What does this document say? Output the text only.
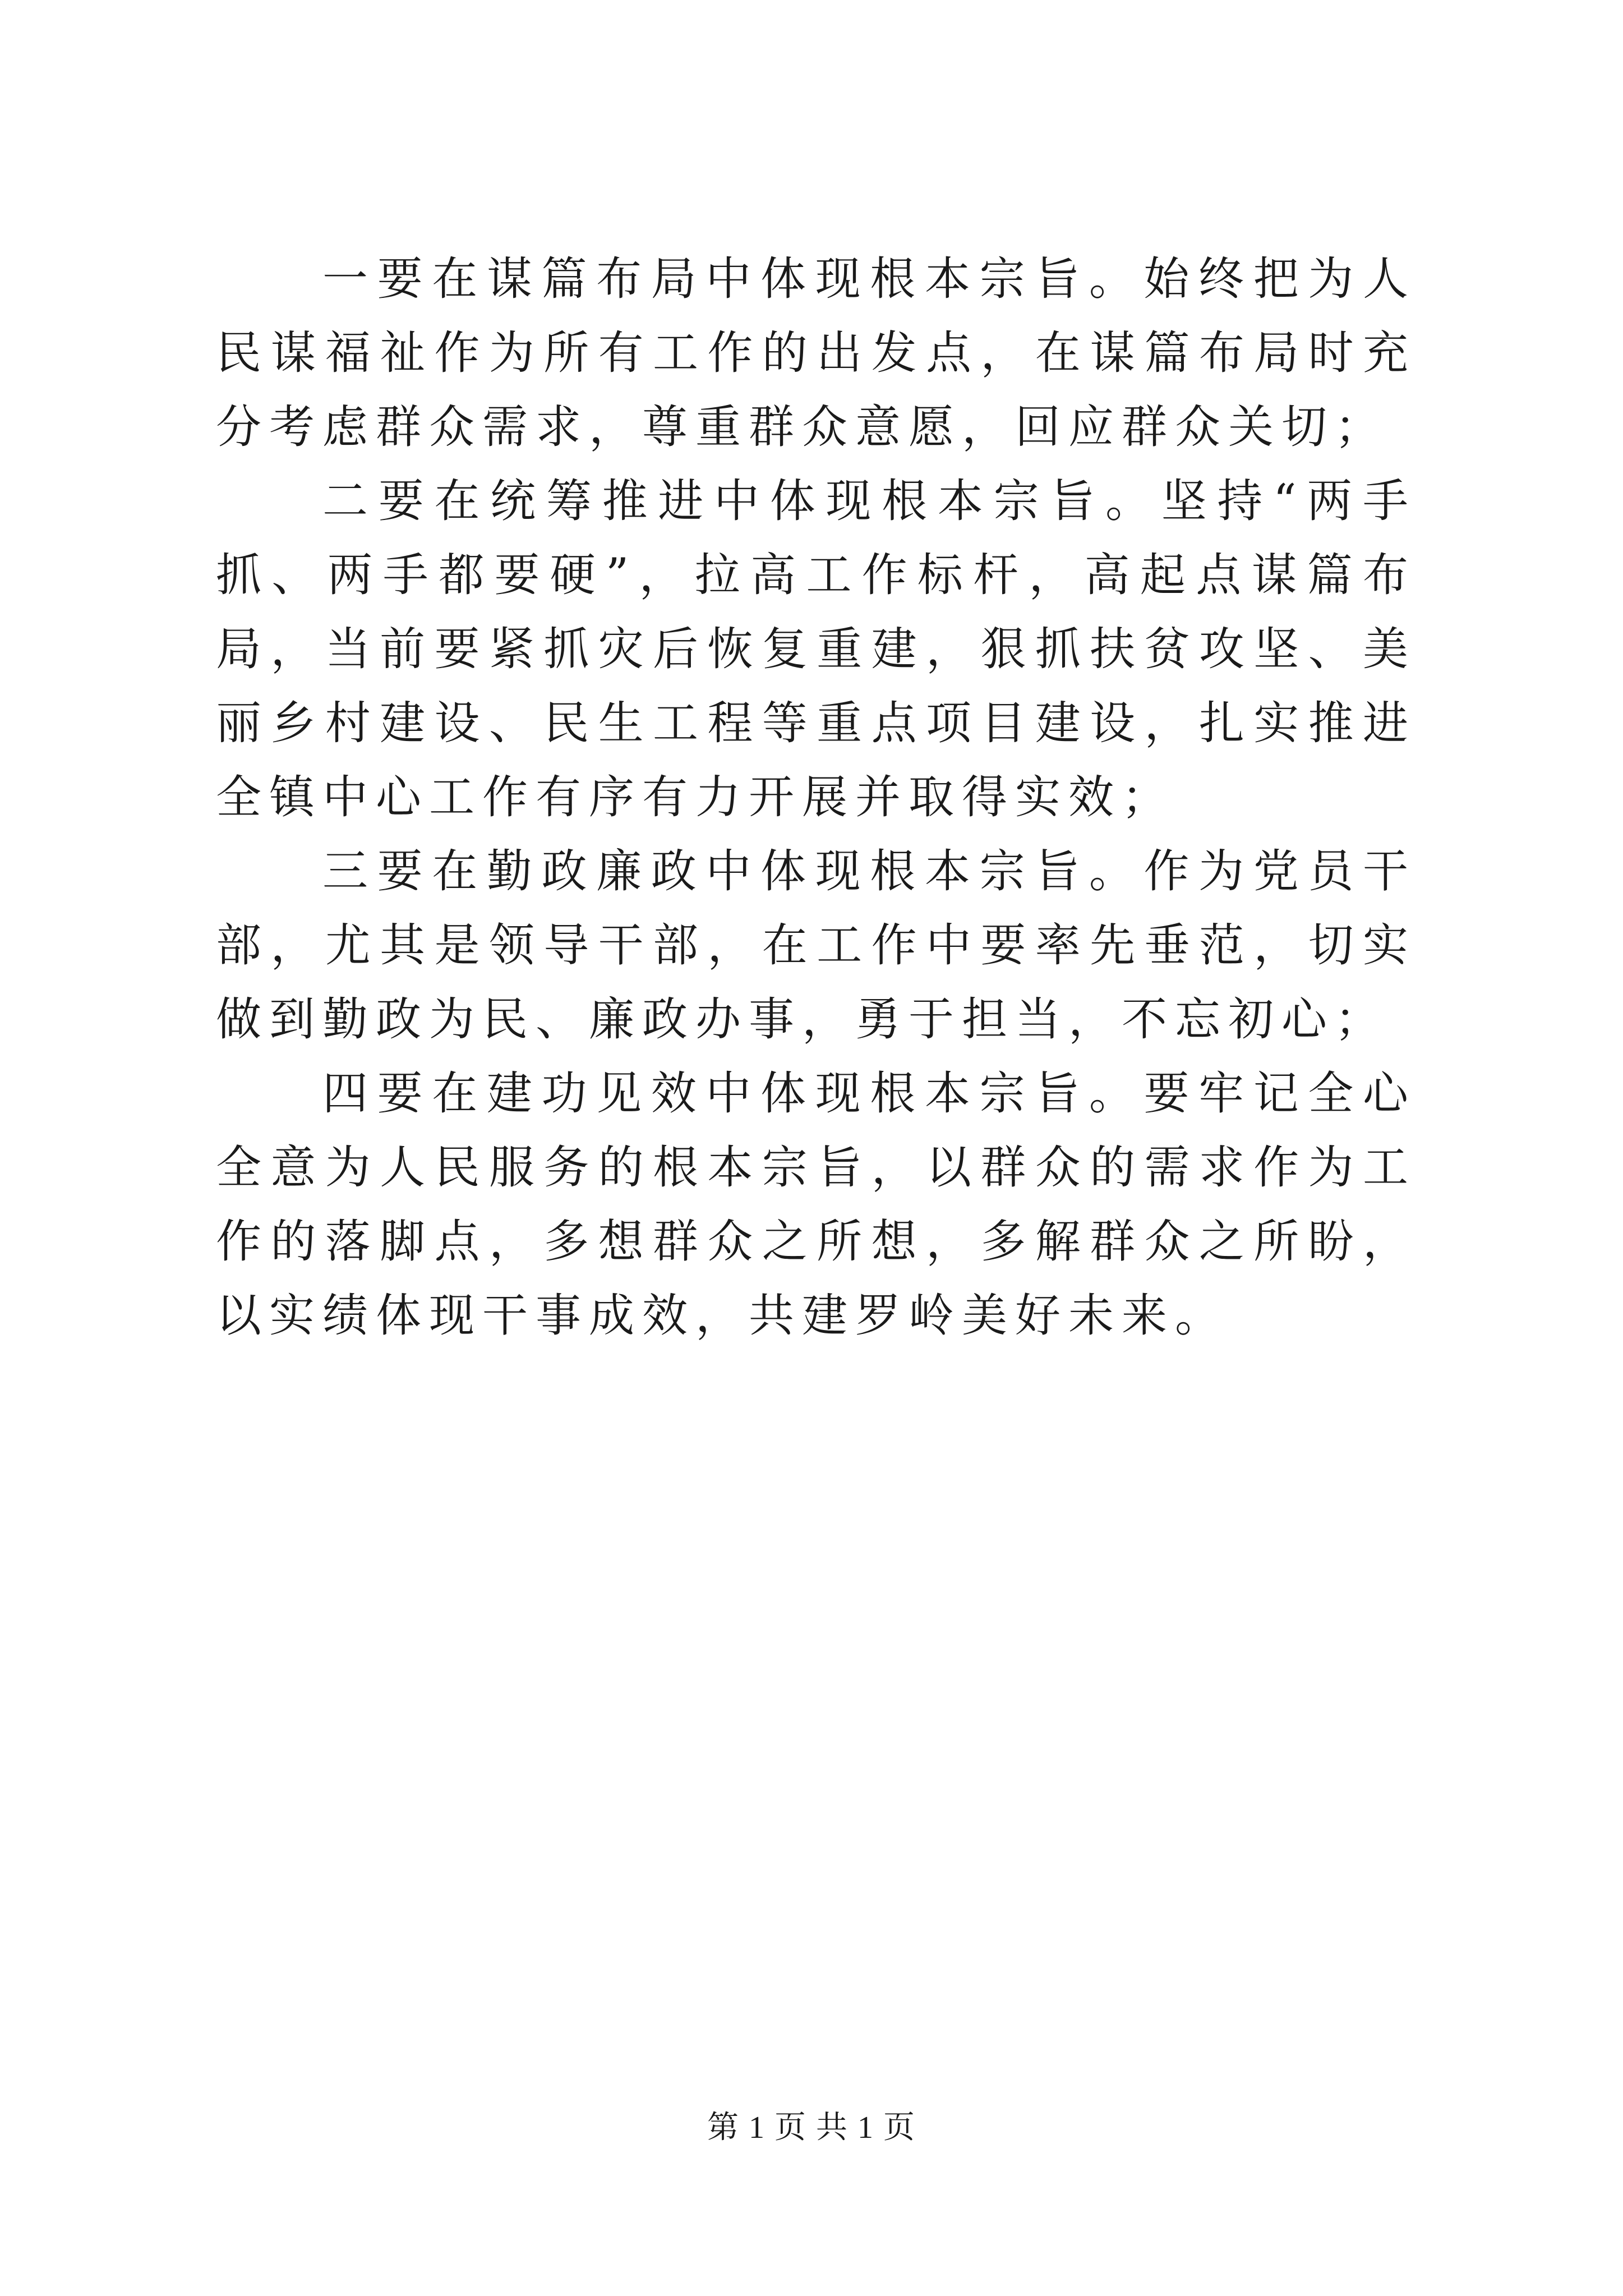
一要在谋篇布局中体现根本宗旨。始终把为人民谋福祉作为所有工作的出发点，在谋篇布局时充分考虑群众需求，尊重群众意愿，回应群众关切；

二要在统筹推进中体现根本宗旨。坚持“两手抓、两手都要硬”，拉高工作标杆，高起点谋篇布局，当前要紧抓灾后恢复重建，狠抓扶贫攻坚、美丽乡村建设、民生工程等重点项目建设，扎实推进全镇中心工作有序有力开展并取得实效；

三要在勤政廉政中体现根本宗旨。作为党员干部，尤其是领导干部，在工作中要率先垂范，切实做到勤政为民、廉政办事，勇于担当，不忘初心；

四要在建功见效中体现根本宗旨。要牢记全心全意为人民服务的根本宗旨，以群众的需求作为工作的落脚点，多想群众之所想，多解群众之所盼，以实绩体现干事成效，共建罗岭美好未来。

第 1 页 共 1 页
